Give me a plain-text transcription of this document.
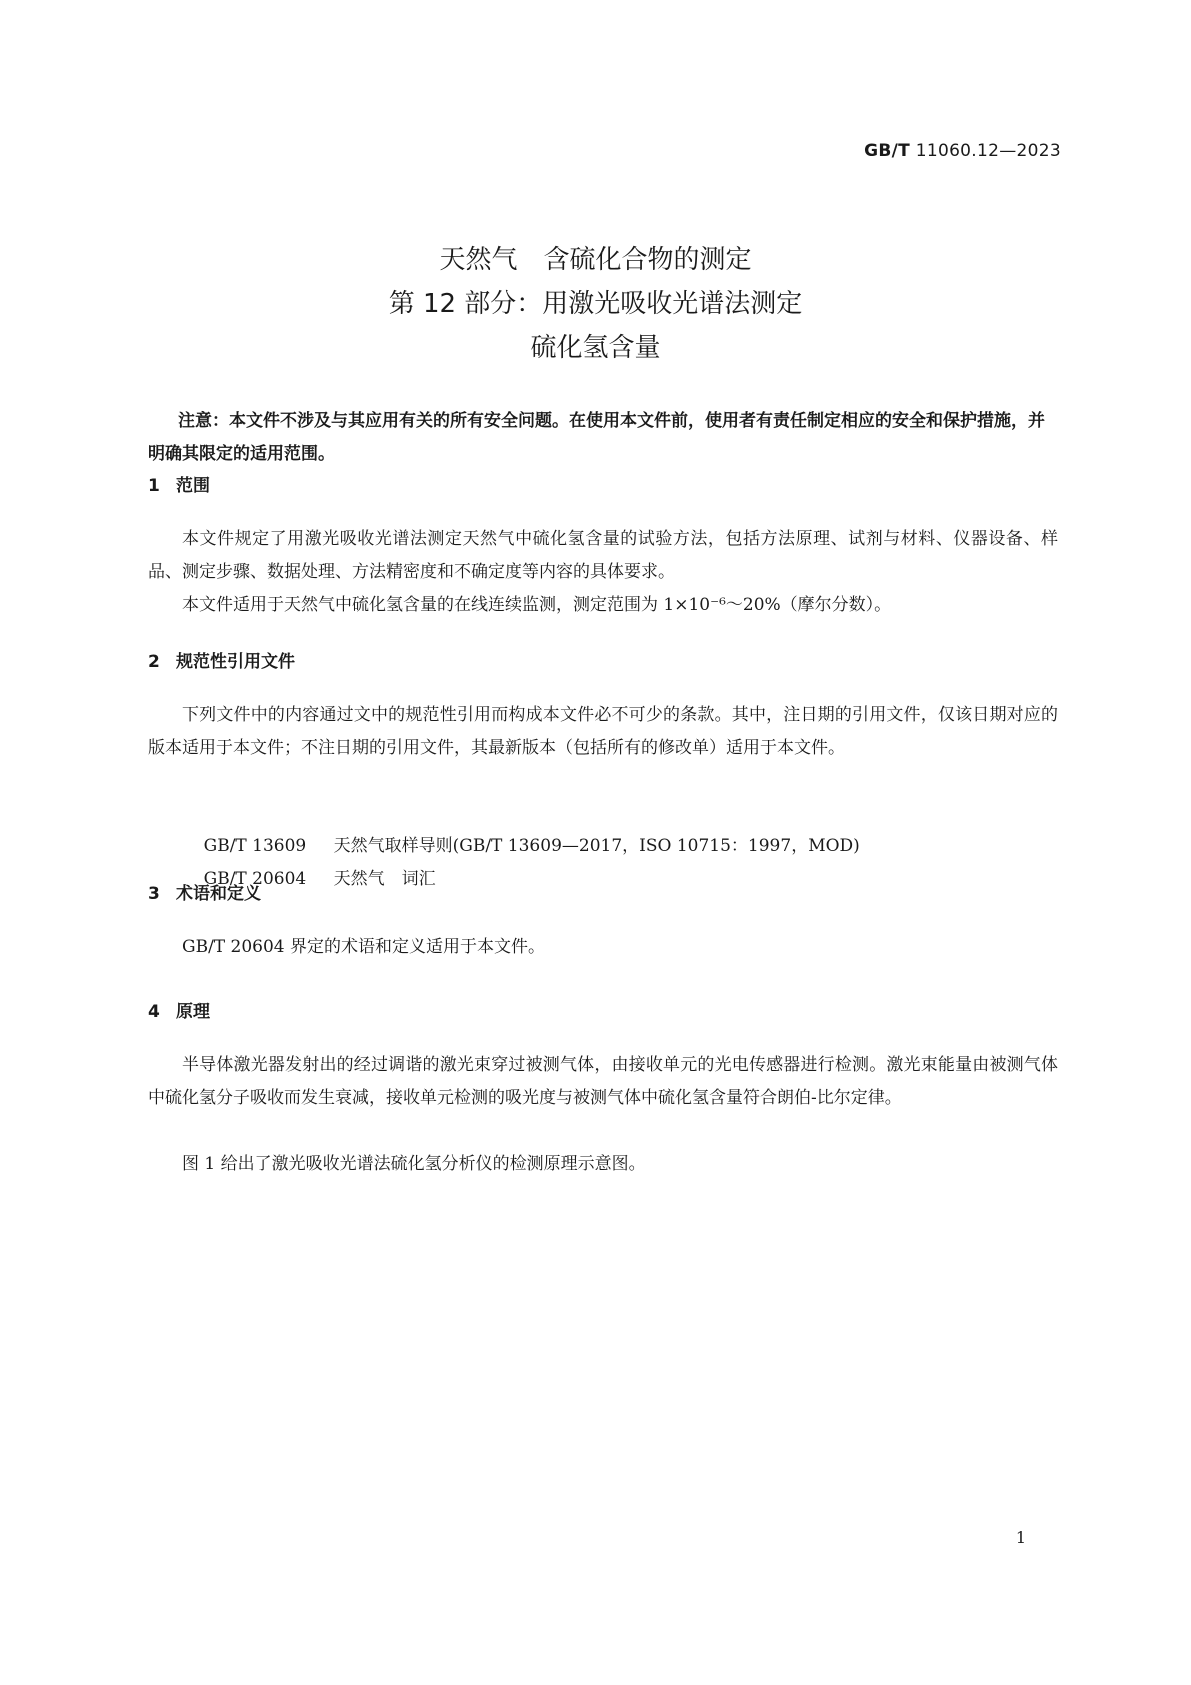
GB/T 11060.12—2023
天然气　含硫化合物的测定
第 12 部分：用激光吸收光谱法测定
硫化氢含量
注意：本文件不涉及与其应用有关的所有安全问题。在使用本文件前，使用者有责任制定相应的安全和保护措施，并明确其限定的适用范围。
1 范围
本文件规定了用激光吸收光谱法测定天然气中硫化氢含量的试验方法，包括方法原理、试剂与材料、仪器设备、样品、测定步骤、数据处理、方法精密度和不确定度等内容的具体要求。
本文件适用于天然气中硫化氢含量的在线连续监测，测定范围为 1×10⁻⁶～20%（摩尔分数）。
2 规范性引用文件
下列文件中的内容通过文中的规范性引用而构成本文件必不可少的条款。其中，注日期的引用文件，仅该日期对应的版本适用于本文件；不注日期的引用文件，其最新版本（包括所有的修改单）适用于本文件。

GB/T 13609 天然气取样导则(GB/T 13609—2017，ISO 10715：1997，MOD)

GB/T 20604 天然气　词汇

3 术语和定义
GB/T 20604 界定的术语和定义适用于本文件。
4 原理
半导体激光器发射出的经过调谐的激光束穿过被测气体，由接收单元的光电传感器进行检测。激光束能量由被测气体中硫化氢分子吸收而发生衰减，接收单元检测的吸光度与被测气体中硫化氢含量符合朗伯-比尔定律。
图 1 给出了激光吸收光谱法硫化氢分析仪的检测原理示意图。
1
